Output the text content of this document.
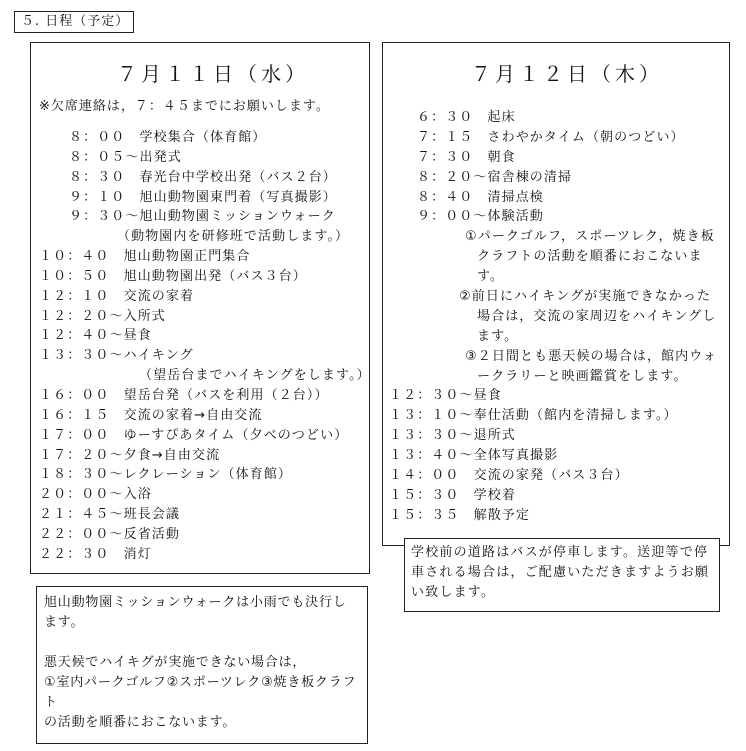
５. 日程（予定）
７月１１日（水）
※欠席連絡は，７：４５までにお願いします。
８：００　学校集合（体育館）
８：０５～出発式
８：３０　春光台中学校出発（バス２台）
９：１０　旭山動物園東門着（写真撮影）
９：３０～旭山動物園ミッションウォーク
（動物園内を研修班で活動します。）
１０：４０　旭山動物園正門集合
１０：５０　旭山動物園出発（バス３台）
１２：１０　交流の家着
１２：２０～入所式
１２：４０～昼食
１３：３０～ハイキング
（望岳台までハイキングをします。）
１６：００　望岳台発（バスを利用（２台））
１６：１５　交流の家着→自由交流
１７：００　ゆーすぴあタイム（夕べのつどい）
１７：２０～夕食→自由交流
１８：３０～レクレーション（体育館）
２０：００～入浴
２１：４５～班長会議
２２：００～反省活動
２２：３０　消灯
７月１２日（木）
６：３０　起床
７：１５　さわやかタイム（朝のつどい）
７：３０　朝食
８：２０～宿舎棟の清掃
８：４０　清掃点検
９：００～体験活動
①パークゴルフ，スポーツレク，焼き板
クラフトの活動を順番におこないま
す。
②前日にハイキングが実施できなかった
場合は，交流の家周辺をハイキングし
ます。
③２日間とも悪天候の場合は，館内ウォ
ークラリーと映画鑑賞をします。
１２：３０～昼食
１３：１０～奉仕活動（館内を清掃します。）
１３：３０～退所式
１３：４０～全体写真撮影
１４：００　交流の家発（バス３台）
１５：３０　学校着
１５：３５　解散予定
学校前の道路はバスが停車します。送迎等で停車される場合は，ご配慮いただきますようお願い致します。

旭山動物園ミッションウォークは小雨でも決行します。

悪天候でハイキグが実施できない場合は，

①室内パークゴルフ②スポーツレク③焼き板クラフト

の活動を順番におこないます。
